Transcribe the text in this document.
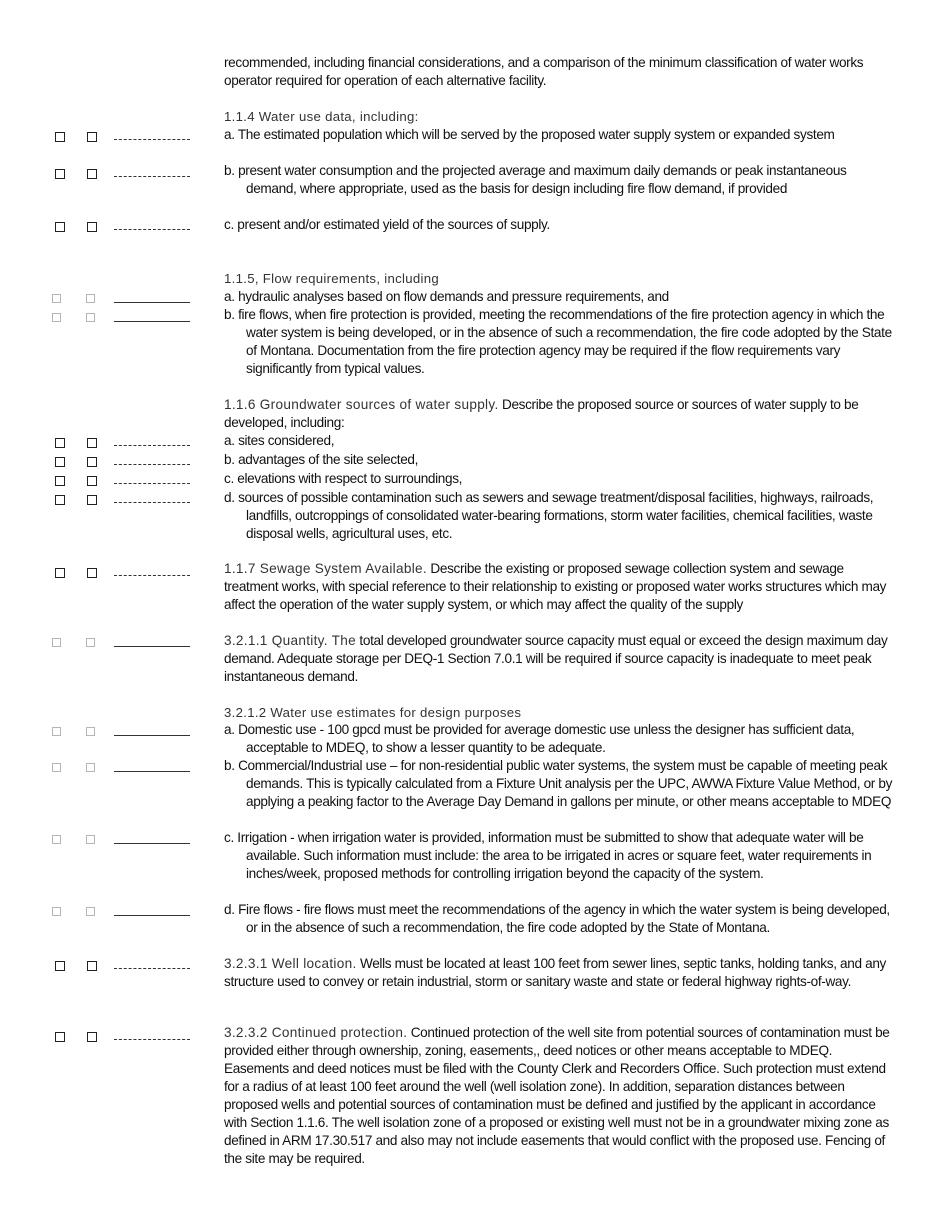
recommended, including financial considerations, and a comparison of the minimum classification of water works operator required for operation of each alternative facility.
1.1.4 Water use data, including:
a. The estimated population which will be served by the proposed water supply system or expanded system
b. present water consumption and the projected average and maximum daily demands or peak instantaneous demand, where appropriate, used as the basis for design including fire flow demand, if provided
c. present and/or estimated yield of the sources of supply.
1.1.5, Flow requirements, including
a. hydraulic analyses based on flow demands and pressure requirements, and
b. fire flows, when fire protection is provided, meeting the recommendations of the fire protection agency in which the water system is being developed, or in the absence of such a recommendation, the fire code adopted by the State of Montana. Documentation from the fire protection agency may be required if the flow requirements vary significantly from typical values.
1.1.6 Groundwater sources of water supply. Describe the proposed source or sources of water supply to be developed, including:
a. sites considered,
b. advantages of the site selected,
c. elevations with respect to surroundings,
d. sources of possible contamination such as sewers and sewage treatment/disposal facilities, highways, railroads, landfills, outcroppings of consolidated water-bearing formations, storm water facilities, chemical facilities, waste disposal wells, agricultural uses, etc.
1.1.7 Sewage System Available. Describe the existing or proposed sewage collection system and sewage treatment works, with special reference to their relationship to existing or proposed water works structures which may affect the operation of the water supply system, or which may affect the quality of the supply
3.2.1.1 Quantity. The total developed groundwater source capacity must equal or exceed the design maximum day demand. Adequate storage per DEQ-1 Section 7.0.1 will be required if source capacity is inadequate to meet peak instantaneous demand.
3.2.1.2 Water use estimates for design purposes
a. Domestic use - 100 gpcd must be provided for average domestic use unless the designer has sufficient data, acceptable to MDEQ, to show a lesser quantity to be adequate.
b. Commercial/Industrial use – for non-residential public water systems, the system must be capable of meeting peak demands. This is typically calculated from a Fixture Unit analysis per the UPC, AWWA Fixture Value Method, or by applying a peaking factor to the Average Day Demand in gallons per minute, or other means acceptable to MDEQ
c. Irrigation - when irrigation water is provided, information must be submitted to show that adequate water will be available. Such information must include: the area to be irrigated in acres or square feet, water requirements in inches/week, proposed methods for controlling irrigation beyond the capacity of the system.
d. Fire flows - fire flows must meet the recommendations of the agency in which the water system is being developed, or in the absence of such a recommendation, the fire code adopted by the State of Montana.
3.2.3.1 Well location. Wells must be located at least 100 feet from sewer lines, septic tanks, holding tanks, and any structure used to convey or retain industrial, storm or sanitary waste and state or federal highway rights-of-way.
3.2.3.2 Continued protection. Continued protection of the well site from potential sources of contamination must be provided either through ownership, zoning, easements,, deed notices or other means acceptable to MDEQ. Easements and deed notices must be filed with the County Clerk and Recorders Office. Such protection must extend for a radius of at least 100 feet around the well (well isolation zone). In addition, separation distances between proposed wells and potential sources of contamination must be defined and justified by the applicant in accordance with Section 1.1.6. The well isolation zone of a proposed or existing well must not be in a groundwater mixing zone as defined in ARM 17.30.517 and also may not include easements that would conflict with the proposed use. Fencing of the site may be required.
